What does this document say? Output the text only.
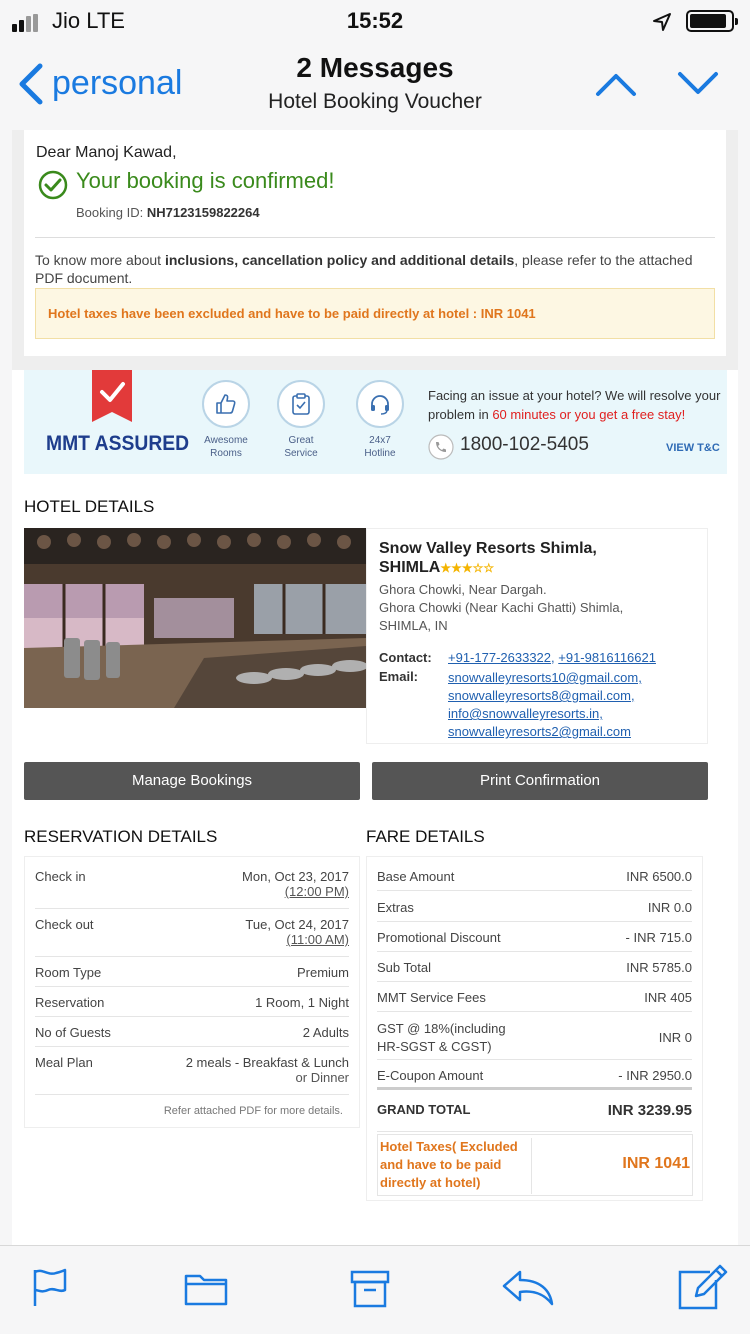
Jio LTE	15:52
personal	2 Messages
Hotel Booking Voucher
Dear Manoj Kawad,
Your booking is confirmed!
Booking ID: NH7123159822264
To know more about inclusions, cancellation policy and additional details, please refer to the attached PDF document.
Hotel taxes have been excluded and have to be paid directly at hotel : INR 1041
MMT ASSURED	Awesome
Rooms
Great
Service
24x7
Hotline
Facing an issue at your hotel? We will resolve your
problem in 60 minutes or you get a free stay!
1800-102-5405	VIEW T&C
HOTEL DETAILS
Snow Valley Resorts Shimla, SHIMLA★★★☆☆
Ghora Chowki, Near Dargah.
Ghora Chowki (Near Kachi Ghatti) Shimla,
SHIMLA, IN
Contact: +91-177-2633322, +91-9816116621
Email: snowvalleyresorts10@gmail.com,
snowvalleyresorts8@gmail.com,
info@snowvalleyresorts.in,
snowvalleyresorts2@gmail.com
Manage Bookings	Print Confirmation
RESERVATION DETAILS
Check in	Mon, Oct 23, 2017
(12:00 PM)
Check out	Tue, Oct 24, 2017
(11:00 AM)
Room Type	Premium
Reservation	1 Room, 1 Night
No of Guests	2 Adults
Meal Plan	2 meals - Breakfast & Lunch
or Dinner
Refer attached PDF for more details.
FARE DETAILS
Base Amount	INR 6500.0
Extras	INR 0.0
Promotional Discount	- INR 715.0
Sub Total	INR 5785.0
MMT Service Fees	INR 405
GST @ 18%(including
HR-SGST & CGST)
INR 0
E-Coupon Amount	- INR 2950.0
GRAND TOTAL	INR 3239.95
Hotel Taxes( Excluded
and have to be paid
directly at hotel)
INR 1041
